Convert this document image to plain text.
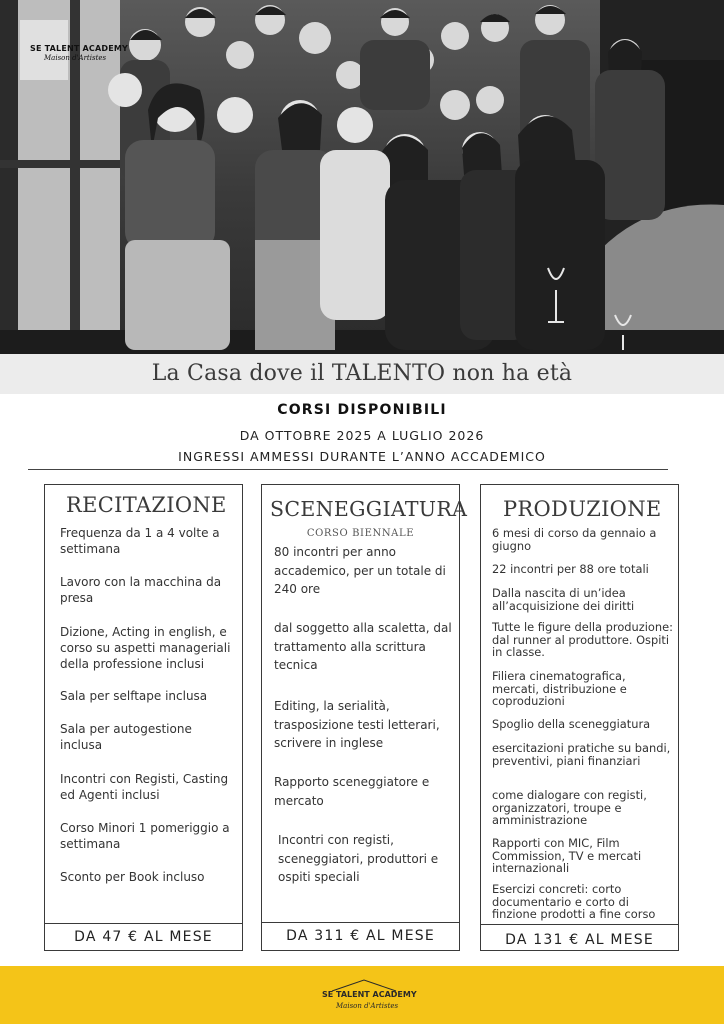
SE TALENT ACADEMY
Maison d'Artistes
La Casa dove il TALENTO non ha età
CORSI DISPONIBILI
DA OTTOBRE 2025 A LUGLIO 2026
INGRESSI AMMESSI DURANTE L’ANNO ACCADEMICO
RECITAZIONE

Frequenza da 1 a 4 volte a settimana

Lavoro con la macchina da presa

Dizione, Acting in english, e corso su aspetti manageriali della professione inclusi

Sala per selftape inclusa

Sala per autogestione inclusa

Incontri con Registi, Casting ed Agenti inclusi

Corso Minori 1 pomeriggio a settimana

Sconto per Book incluso

DA 47 € AL MESE
SCENEGGIATURA
CORSO BIENNALE

80 incontri per anno accademico, per un totale di 240 ore

dal soggetto alla scaletta, dal trattamento alla scrittura tecnica

Editing, la serialità, trasposizione testi letterari, scrivere in inglese

Rapporto sceneggiatore e mercato

Incontri con registi, sceneggiatori, produttori e ospiti speciali

DA 311 € AL MESE
PRODUZIONE

6 mesi di corso da gennaio a giugno

22 incontri per 88 ore totali

Dalla nascita di un’idea all’acquisizione dei diritti

Tutte le figure della produzione: dal runner al produttore. Ospiti in classe.

Filiera cinematografica, mercati, distribuzione e coproduzioni

Spoglio della sceneggiatura

esercitazioni pratiche su bandi, preventivi, piani finanziari

come dialogare con registi, organizzatori, troupe e amministrazione

Rapporti con MIC, Film Commission, TV e mercati internazionali

Esercizi concreti: corto documentario e corto di finzione prodotti a fine corso

DA 131 € AL MESE
SE TALENT ACADEMY
Maison d'Artistes
